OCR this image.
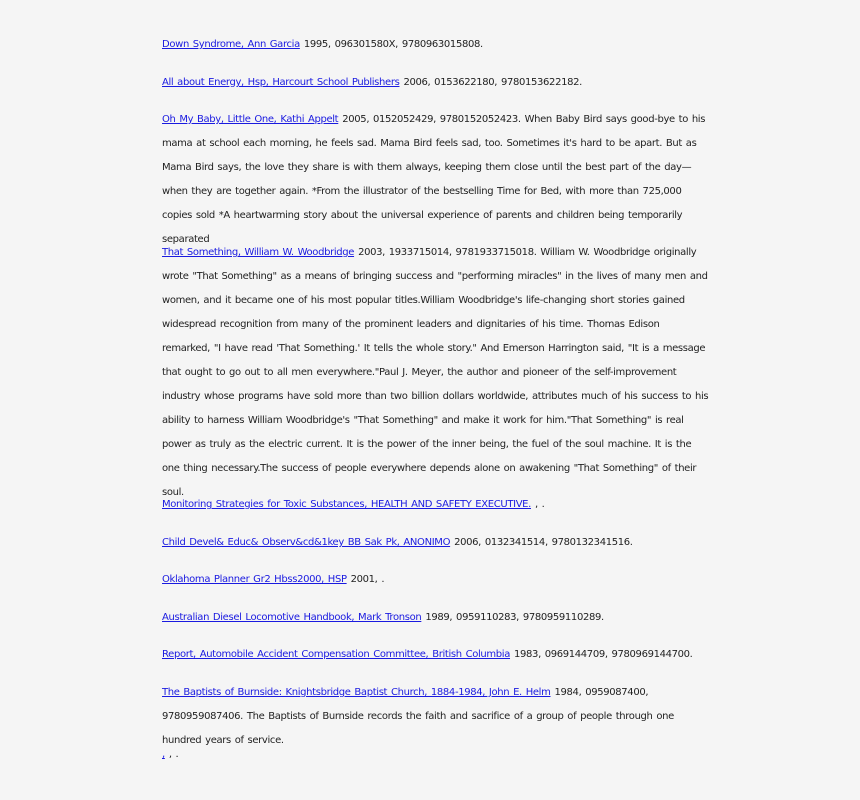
Down Syndrome, Ann Garcia 1995, 096301580X, 9780963015808.
All about Energy, Hsp, Harcourt School Publishers 2006, 0153622180, 9780153622182.
Oh My Baby, Little One, Kathi Appelt 2005, 0152052429, 9780152052423. When Baby Bird says good-bye to his mama at school each morning, he feels sad. Mama Bird feels sad, too. Sometimes it's hard to be apart. But as Mama Bird says, the love they share is with them always, keeping them close until the best part of the day—when they are together again. *From the illustrator of the bestselling Time for Bed, with more than 725,000 copies sold *A heartwarming story about the universal experience of parents and children being temporarily separated
That Something, William W. Woodbridge 2003, 1933715014, 9781933715018. William W. Woodbridge originally wrote "That Something" as a means of bringing success and "performing miracles" in the lives of many men and women, and it became one of his most popular titles.William Woodbridge's life-changing short stories gained widespread recognition from many of the prominent leaders and dignitaries of his time. Thomas Edison remarked, "I have read 'That Something.' It tells the whole story." And Emerson Harrington said, "It is a message that ought to go out to all men everywhere."Paul J. Meyer, the author and pioneer of the self-improvement industry whose programs have sold more than two billion dollars worldwide, attributes much of his success to his ability to harness William Woodbridge's "That Something" and make it work for him."That Something" is real power as truly as the electric current. It is the power of the inner being, the fuel of the soul machine. It is the one thing necessary.The success of people everywhere depends alone on awakening "That Something" of their soul.
Monitoring Strategies for Toxic Substances, HEALTH AND SAFETY EXECUTIVE. , .
Child Devel& Educ& Observ&cd&1key BB Sak Pk, ANONIMO 2006, 0132341514, 9780132341516.
Oklahoma Planner Gr2 Hbss2000, HSP 2001, .
Australian Diesel Locomotive Handbook, Mark Tronson 1989, 0959110283, 9780959110289.
Report, Automobile Accident Compensation Committee, British Columbia 1983, 0969144709, 9780969144700.
The Baptists of Burnside: Knightsbridge Baptist Church, 1884-1984, John E. Helm 1984, 0959087400, 9780959087406. The Baptists of Burnside records the faith and sacrifice of a group of people through one hundred years of service.
, , .
